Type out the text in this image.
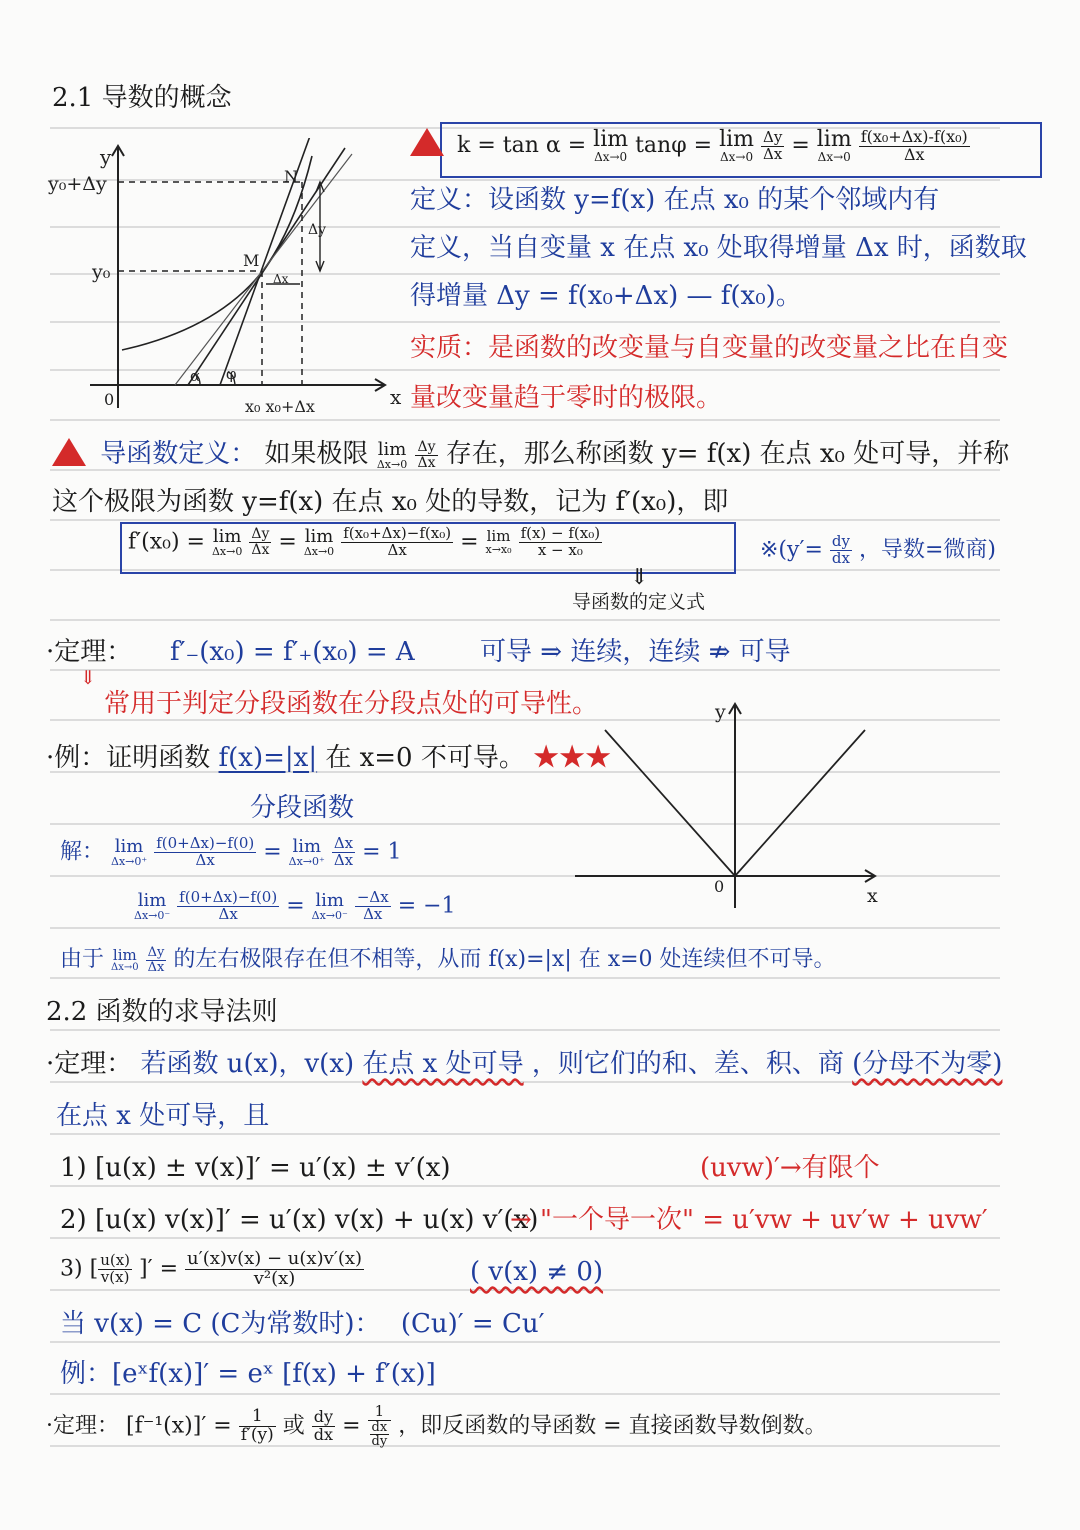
2.1 导数的概念
y
x
0
y₀+Δy
y₀
x₀ x₀+Δx
M
N
Δy
Δx
α φ
k = tan α = lim
Δx→0 tanφ = lim
Δx→0
$\frac{\Delta y}{\Delta x} = \lim$
Δx→0
$\frac{\text{f(x₀+Δx)-f(x₀)}}{\Delta x}$
定义：设函数 y=f(x) 在点 x₀ 的某个邻域内有
定义，当自变量 x 在点 x₀ 处取得增量 Δx 时，函数取
得增量 Δy = f(x₀+Δx) — f(x₀)。
实质：是函数的改变量与自变量的改变量之比在自变
量改变量趋于零时的极限。
导函数定义： 如果极限 lim
Δx→0
$\frac{\Delta y}{\Delta x}$ 存在，那么称函数 y= f(x) 在点 x₀ 处可导，并称
这个极限为函数 y=f(x) 在点 x₀ 处的导数，记为 f′(x₀)，即
f′(x₀) = lim
Δx→0
$\frac{\Delta y}{\Delta x} = \lim$
Δx→0
$\frac{\text{f(x₀+Δx)−f(x₀)}}{\Delta x} = \lim$
x→x₀
$\frac{\text{f(x) − f(x₀)}}{\text{x − x₀}}$	※(y′= $\frac{dy}{dx}$ ，导数=微商)
⇓
导函数的定义式
·定理： f′₋(x₀) = f′₊(x₀) = A	可导 ⇒ 连续，连续 ⇏ 可导
⇓
常用于判定分段函数在分段点处的可导性。
·例：证明函数 f(x)=|x| 在 x=0 不可导。 ★★★
分段函数
y
x
0
解： lim
Δx→0⁺
$\frac{f(0+\Delta x)-f(0)}{\Delta x} = \lim$
Δx→0⁺
$\frac{\Delta x}{\Delta x} = 1$
lim
Δx→0⁻
$\frac{f(0+\Delta x)-f(0)}{\Delta x} = \lim$
Δx→0⁻
$\frac{-\Delta x}{\Delta x} = -1$
由于 lim
Δx→0
$\frac{\Delta y}{\Delta x}$ 的左右极限存在但不相等，从而 f(x)=|x| 在 x=0 处连续但不可导。
2.2 函数的求导法则
·定理： 若函数 u(x)，v(x) 在点 x 处可导 ，则它们的和、差、积、商 (分母不为零)
在点 x 处可导，且
1) [u(x) ± v(x)]′ = u′(x) ± v′(x)	(uvw)′→有限个
2) [u(x) v(x)]′ = u′(x) v(x) + u(x) v′(x)
→ "一个导一次" = u′vw + uv′w + uvw′
3) [ $\frac{u(x)}{v(x)}$ ]′ = $\frac{u'(x)v(x) - u(x)v'(x)}{\text{v²(x)}}$	( v(x) ≠ 0)
当 v(x) = C (C为常数时)： (Cu)′ = Cu′
例：[eˣf(x)]′ = eˣ [f(x) + f′(x)]
·定理： $[f^{-1}(x)]' = \frac{1}{f'(y)}$ 或 $\frac{dy}{dx} = \frac{1}{\frac{dx}{dy}}$ ，即反函数的导函数 = 直接函数导数倒数。
